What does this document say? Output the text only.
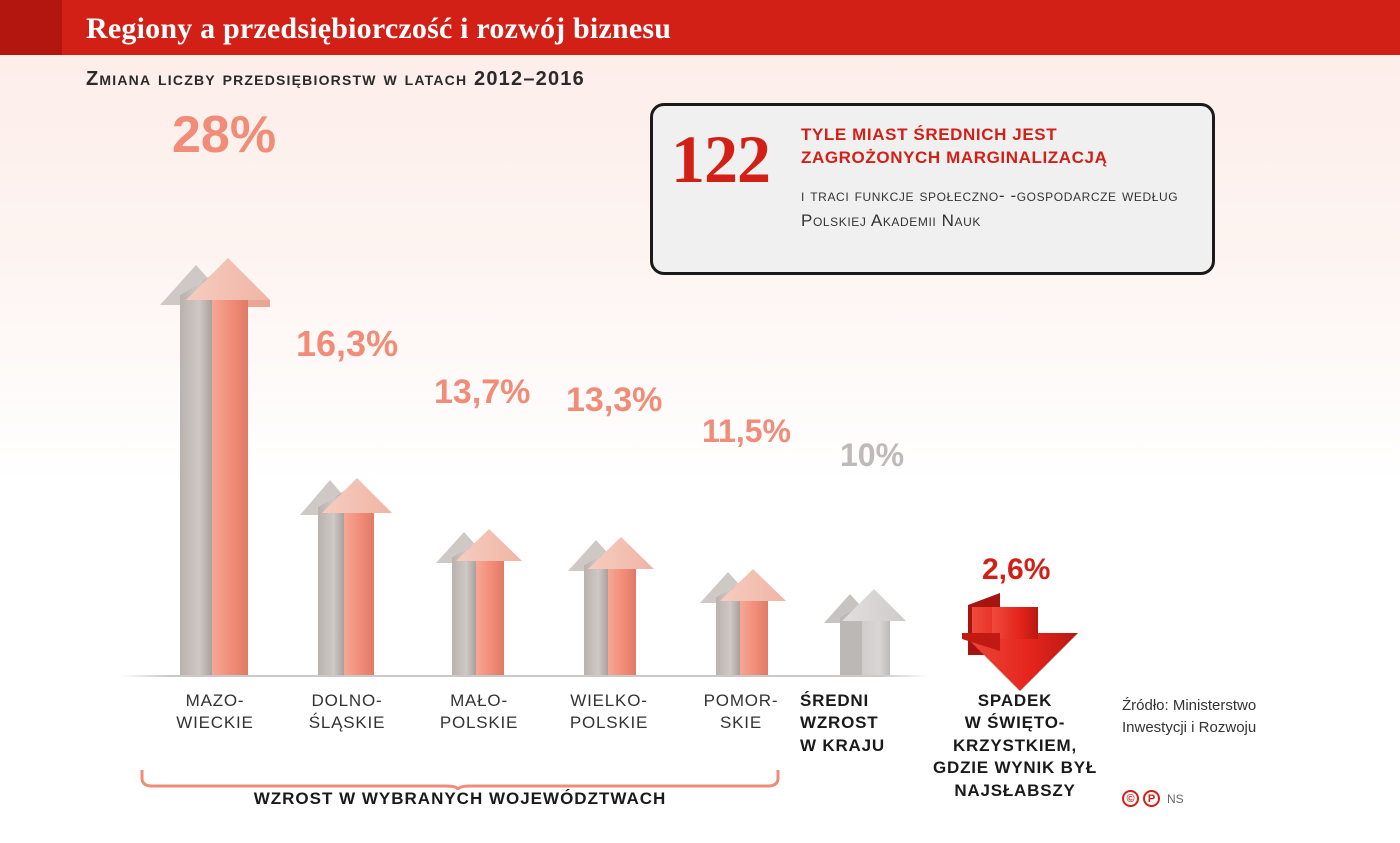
Regiony a przedsiębiorczość i rozwój biznesu
Zmiana liczby przedsiębiorstw w latach 2012–2016
122 TYLE MIAST ŚREDNICH JEST ZAGROŻONYCH MARGINALIZACJĄ
i traci funkcje społeczno- -gospodarcze według Polskiej Akademii Nauk
28%
16,3%
13,7% 13,3%
11,5%
10%
2,6%
MAZO-
WIECKIE
DOLNO-
ŚLĄSKIE
MAŁO-
POLSKIE
WIELKO-
POLSKIE
POMOR-
SKIE
ŚREDNI
WZROST
W KRAJU
SPADEK
W ŚWIĘTO-
KRZYSTKIEM, GDZIE WYNIK BYŁ NAJSŁABSZY
WZROST W WYBRANYCH WOJEWÓDZTWACH
Źródło: Ministerstwo Inwestycji i Rozwoju
©	P NS
